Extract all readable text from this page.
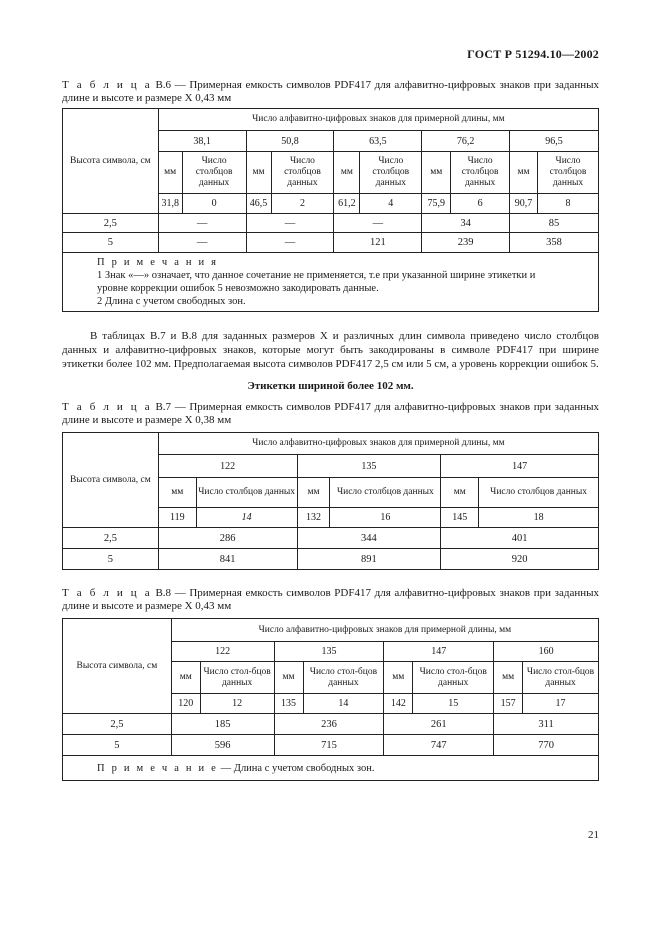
ГОСТ Р 51294.10—2002
Т а б л и ц а В.6 — Примерная емкость символов PDF417 для алфавитно-цифровых знаков при заданных длине и высоте и размере X 0,43 мм
Высота символа, см	Число алфавитно-цифровых знаков для примерной длины, мм									
	38,1		50,8		63,5		76,2		96,5	
	мм	Число столбцов данных	мм	Число столбцов данных	мм	Число столбцов данных	мм	Число столбцов данных	мм	Число столбцов данных
	31,8	0	46,5	2	61,2	4	75,9	6	90,7	8
2,5	—		—		—		34		85	
5	—		—		121		239		358	

П р и м е ч а н и я
1 Знак «—» означает, что данное сочетание не применяется, т.е при указанной ширине этикетки и уровне коррекции ошибок 5 невозможно закодировать данные.
2 Длина с учетом свободных зон.										
В таблицах В.7 и В.8 для заданных размеров X и различных длин символа приведено число столбцов данных и алфавитно-цифровых знаков, которые могут быть закодированы в символе PDF417 при ширине этикетки более 102 мм. Предполагаемая высота символов PDF417 2,5 см или 5 см, а уровень коррекции ошибок 5.
Этикетки шириной более 102 мм.
Т а б л и ц а В.7 — Примерная емкость символов PDF417 для алфавитно-цифровых знаков при заданных длине и высоте и размере X 0,38 мм
Высота символа, см	Число алфавитно-цифровых знаков для примерной длины, мм					
	122		135		147	
	мм	Число столбцов данных	мм	Число столбцов данных	мм	Число столбцов данных
	119	14	132	16	145	18
2,5	286		344		401	
5	841		891		920	
Т а б л и ц а В.8 — Примерная емкость символов PDF417 для алфавитно-цифровых знаков при заданных длине и высоте и размере X 0,43 мм
Высота символа, см	Число алфавитно-цифровых знаков для примерной длины, мм							
	122		135		147		160	
	мм	Число стол-бцов данных	мм	Число стол-бцов данных	мм	Число стол-бцов данных	мм	Число стол-бцов данных
	120	12	135	14	142	15	157	17
2,5	185		236		261		311	
5	596		715		747		770	
П р и м е ч а н и е — Длина с учетом свободных зон.								
21
